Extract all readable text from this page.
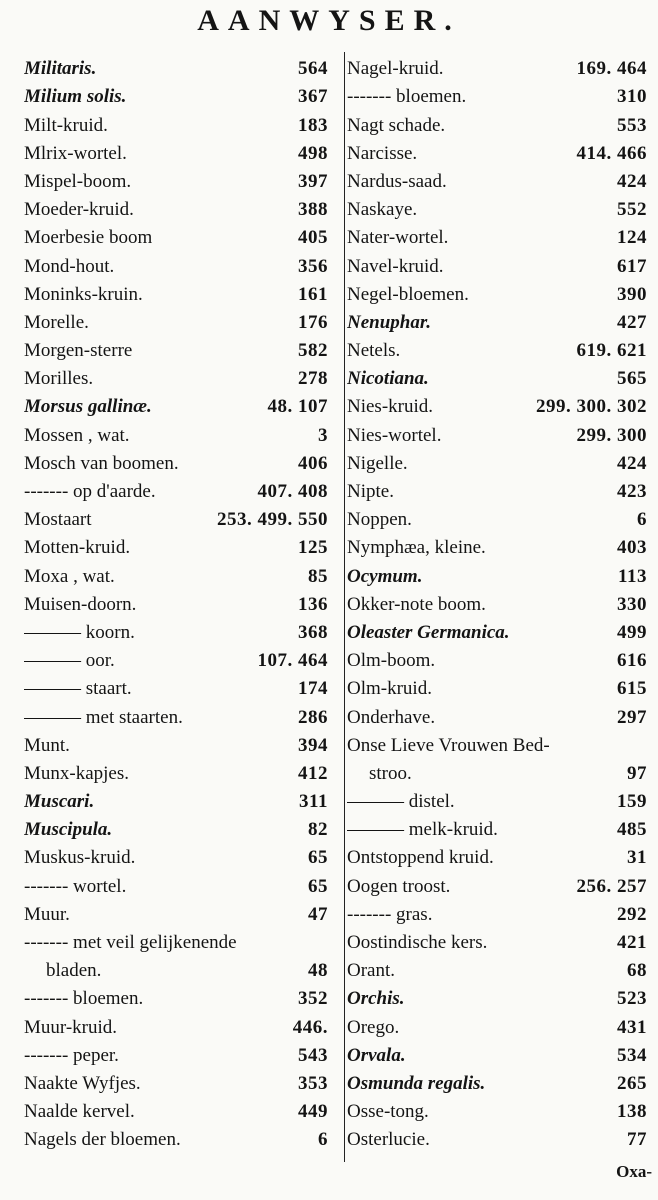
AANWYSER.
Militaris.	564
Milium solis.	367
Milt-kruid.	183
Mlrix-wortel.	498
Mispel-boom.	397
Moeder-kruid.	388
Moerbesie boom	405
Mond-hout.	356
Moninks-kruin.	161
Morelle.	176
Morgen-sterre	582
Morilles.	278
Morsus gallinæ.	48. 107
Mossen , wat.	3
Mosch van boomen.	406
------- op d'aarde.	407. 408
Mostaart	253. 499. 550
Motten-kruid.	125
Moxa , wat.	85
Muisen-doorn.	136
——— koorn.	368
——— oor.	107. 464
——— staart.	174
——— met staarten.	286
Munt.	394
Munx-kapjes.	412
Muscari.	311
Muscipula.	82
Muskus-kruid.	65
------- wortel.	65
Muur.	47
------- met veil gelijkenende
bladen.	48
------- bloemen.	352
Muur-kruid.	446.
------- peper.	543
Naakte Wyfjes.	353
Naalde kervel.	449
Nagels der bloemen.	6
Nagel-kruid.	169. 464
------- bloemen.	310
Nagt schade.	553
Narcisse.	414. 466
Nardus-saad.	424
Naskaye.	552
Nater-wortel.	124
Navel-kruid.	617
Negel-bloemen.	390
Nenuphar.	427
Netels.	619. 621
Nicotiana.	565
Nies-kruid.	299. 300. 302
Nies-wortel.	299. 300
Nigelle.	424
Nipte.	423
Noppen.	6
Nymphæa, kleine.	403
Ocymum.	113
Okker-note boom.	330
Oleaster Germanica.	499
Olm-boom.	616
Olm-kruid.	615
Onderhave.	297
Onse Lieve Vrouwen Bed-
stroo.	97
——— distel.	159
——— melk-kruid.	485
Ontstoppend kruid.	31
Oogen troost.	256. 257
------- gras.	292
Oostindische kers.	421
Orant.	68
Orchis.	523
Orego.	431
Orvala.	534
Osmunda regalis.	265
Osse-tong.	138
Osterlucie.	77
Oxa-
